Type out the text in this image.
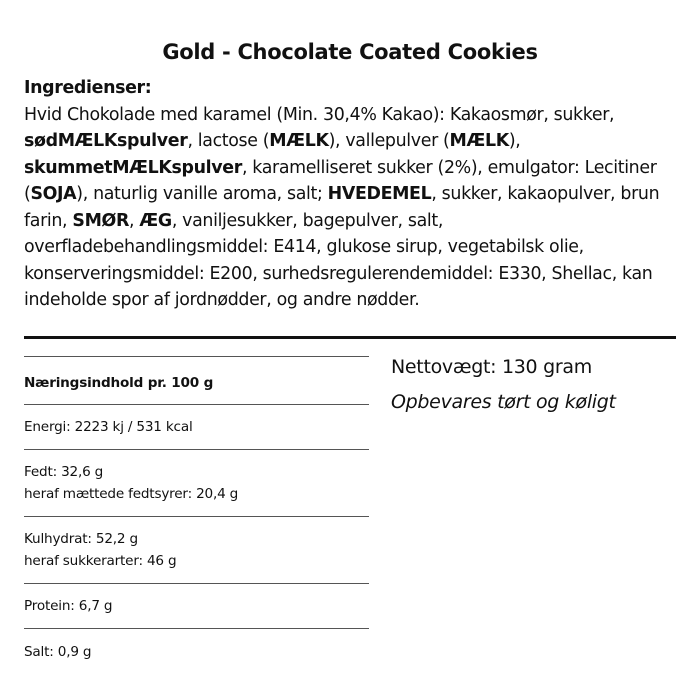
Gold - Chocolate Coated Cookies
Ingredienser:
Hvid Chokolade med karamel (Min. 30,4% Kakao): Kakaosmør, sukker, sødMÆLKspulver, lactose (MÆLK), vallepulver (MÆLK), skummetMÆLKspulver, karamelliseret sukker (2%), emulgator: Lecitiner (SOJA), naturlig vanille aroma, salt; HVEDEMEL, sukker, kakaopulver, brun farin, SMØR, ÆG, vaniljesukker, bagepulver, salt, overfladebehandlingsmiddel: E414, glukose sirup, vegetabilsk olie, konserveringsmiddel: E200, surhedsregulerendemiddel: E330, Shellac, kan indeholde spor af jordnødder, og andre nødder.
Næringsindhold pr. 100 g
Energi: 2223 kj / 531 kcal
Fedt: 32,6 g
heraf mættede fedtsyrer: 20,4 g
Kulhydrat: 52,2 g
heraf sukkerarter: 46 g
Protein: 6,7 g
Salt: 0,9 g
Nettovægt: 130 gram
Opbevares tørt og køligt
